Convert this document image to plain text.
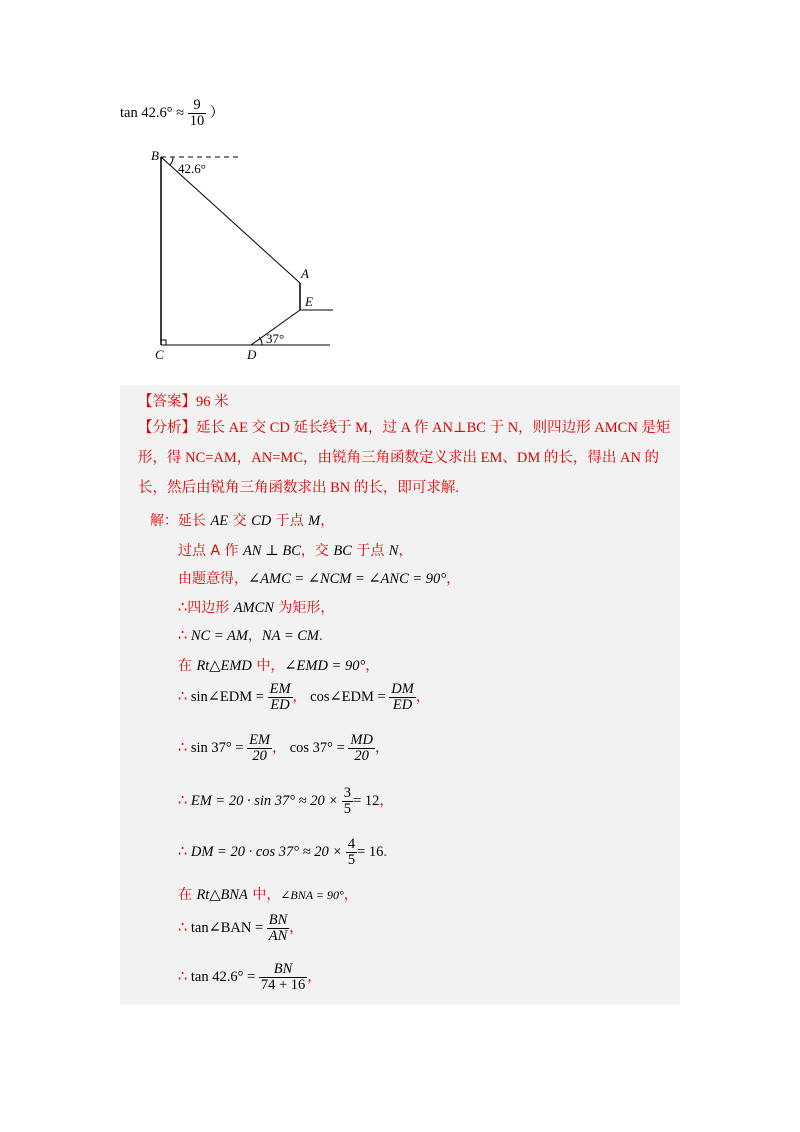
$\tan 42.6^\circ \approx \frac{9}{10}$ ）
B
42.6°
A
E
37°
C	D
【答案】96 米
【分析】延长 AE 交 CD 延长线于 M，过 A 作 AN⊥BC 于 N，则四边形 AMCN 是矩形，得 NC=AM，AN=MC，由锐角三角函数定义求出 EM、DM 的长，得出 AN 的长，然后由锐角三角函数求出 BN 的长，即可求解.
解：延长 AE 交 CD 于点 M，
过点 A 作 AN ⊥ BC，交 BC 于点 N，
由题意得，∠AMC = ∠NCM = ∠ANC = 90°，
∴四边形 AMCN 为矩形，
∴ NC = AM，NA = CM.
在 Rt△EMD 中，∠EMD = 90°，
∴ sin∠EDM = $\frac{EM}{ED}$ ， cos∠EDM = $\frac{DM}{ED}$ ，
∴ $\sin 37^\circ = \frac{EM}{20}$ ， $\cos 37^\circ = \frac{MD}{20}$ ，
∴ EM = $20 \cdot \sin 37^\circ \approx 20 \times \frac{3}{5} = 12$，
∴ DM = $20 \cdot \cos 37^\circ \approx 20 \times \frac{4}{5} = 16$.
在 Rt△BNA 中，∠BNA = 90°，
∴ tan∠BAN = $\frac{BN}{AN}$ ，
∴ $\tan 42.6^\circ = \frac{BN}{74 + 16}$ ，
